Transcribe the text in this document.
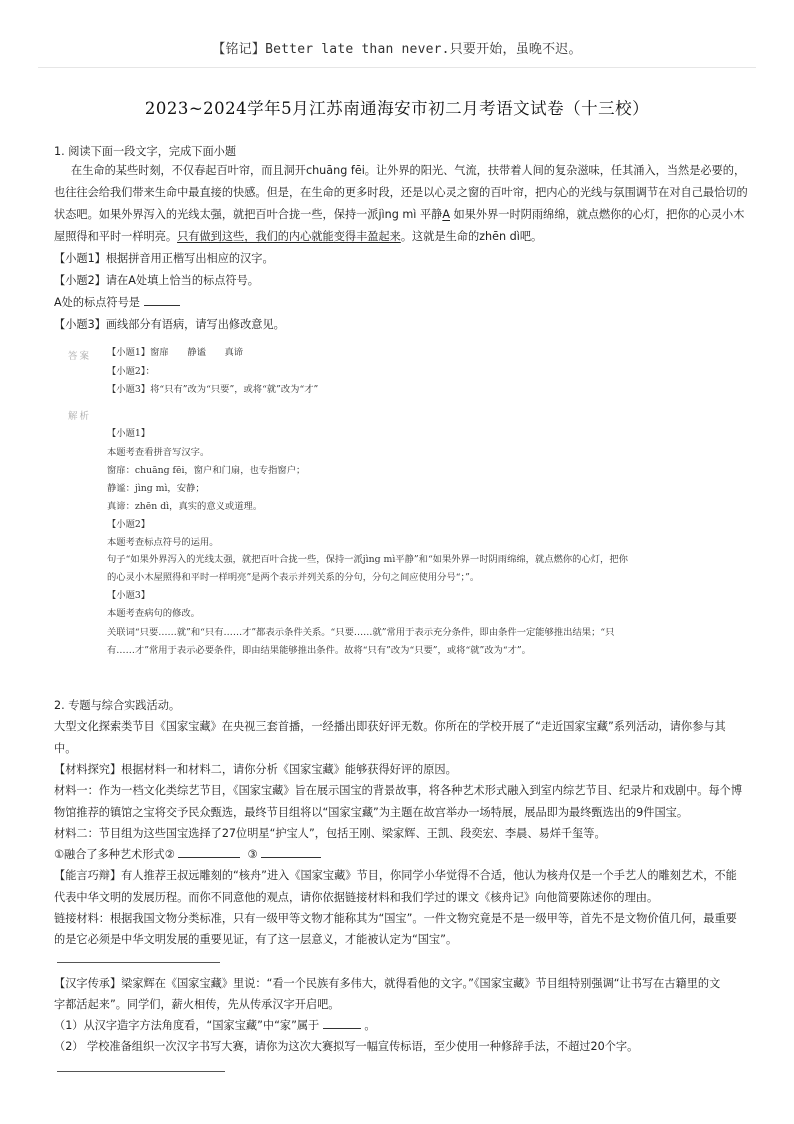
【铭记】Better late than never.只要开始，虽晚不迟。
2023~2024学年5月江苏南通海安市初二月考语文试卷（十三校）
1. 阅读下面一段文字，完成下面小题
在生命的某些时刻，不仅春起百叶帘，而且洞开chuāng fēi。让外界的阳光、气流，扶带着人间的复杂滋味，任其涌入，当然是必要的，
也往往会给我们带来生命中最直接的快感。但是，在生命的更多时段，还是以心灵之窗的百叶帘，把内心的光线与氛围调节在对自己最恰切的
状态吧。如果外界泻入的光线太强，就把百叶合拢一些，保持一派jìng mì 平静A 如果外界一时阴雨绵绵，就点燃你的心灯，把你的心灵小木
屋照得和平时一样明亮。只有做到这些，我们的内心就能变得丰盈起来。这就是生命的zhēn dì吧。
【小题1】根据拼音用正楷写出相应的汉字。
【小题2】请在A处填上恰当的标点符号。
A处的标点符号是
【小题3】画线部分有语病，请写出修改意见。
答案 【小题1】窗扉　　静谧　　真谛
【小题2】：
【小题3】将“只有”改为“只要”，或将“就”改为“才”
解析
【小题1】
本题考查看拼音写汉字。
窗扉：chuāng fēi，窗户和门扇，也专指窗户；
静谧：jìng mì，安静；
真谛：zhēn dì，真实的意义或道理。
【小题2】
本题考查标点符号的运用。
句子“如果外界泻入的光线太强，就把百叶合拢一些，保持一派jìng mì平静”和“如果外界一时阴雨绵绵，就点燃你的心灯，把你
的心灵小木屋照得和平时一样明亮”是两个表示并列关系的分句，分句之间应使用分号“；”。
【小题3】
本题考查病句的修改。
关联词“只要……就”和“只有……才”都表示条件关系。“只要……就”常用于表示充分条件，即由条件一定能够推出结果；“只
有……才”常用于表示必要条件，即由结果能够推出条件。故将“只有”改为“只要”，或将“就”改为“才”。
2. 专题与综合实践活动。
大型文化探索类节目《国家宝藏》在央视三套首播，一经播出即获好评无数。你所在的学校开展了“走近国家宝藏”系列活动，请你参与其
中。
【材料探究】根据材料一和材料二，请你分析《国家宝藏》能够获得好评的原因。
材料一：作为一档文化类综艺节目，《国家宝藏》旨在展示国宝的背景故事，将各种艺术形式融入到室内综艺节目、纪录片和戏剧中。每个博
物馆推荐的镇馆之宝将交予民众甄选，最终节目组将以“国家宝藏”为主题在故宫举办一场特展，展品即为最终甄选出的9件国宝。
材料二：节目组为这些国宝选择了27位明星“护宝人”，包括王刚、梁家辉、王凯、段奕宏、李晨、易烊千玺等。
①融合了多种艺术形式②	③
【能言巧辩】有人推荐王叔远雕刻的“核舟”进入《国家宝藏》节目，你同学小华觉得不合适，他认为核舟仅是一个手艺人的雕刻艺术，不能
代表中华文明的发展历程。而你不同意他的观点，请你依据链接材料和我们学过的课文《核舟记》向他简要陈述你的理由。
链接材料：根据我国文物分类标准，只有一级甲等文物才能称其为“国宝”。一件文物究竟是不是一级甲等，首先不是文物价值几何，最重要
的是它必须是中华文明发展的重要见证，有了这一层意义，才能被认定为“国宝”。
【汉字传承】梁家辉在《国家宝藏》里说：“看一个民族有多伟大，就得看他的文字。”《国家宝藏》节目组特别强调“让书写在古籍里的文
字都活起来”。同学们，薪火相传，先从传承汉字开启吧。
（1）从汉字造字方法角度看，“国家宝藏”中“家”属于	。
（2） 学校准备组织一次汉字书写大赛，请你为这次大赛拟写一幅宣传标语，至少使用一种修辞手法，不超过20个字。
